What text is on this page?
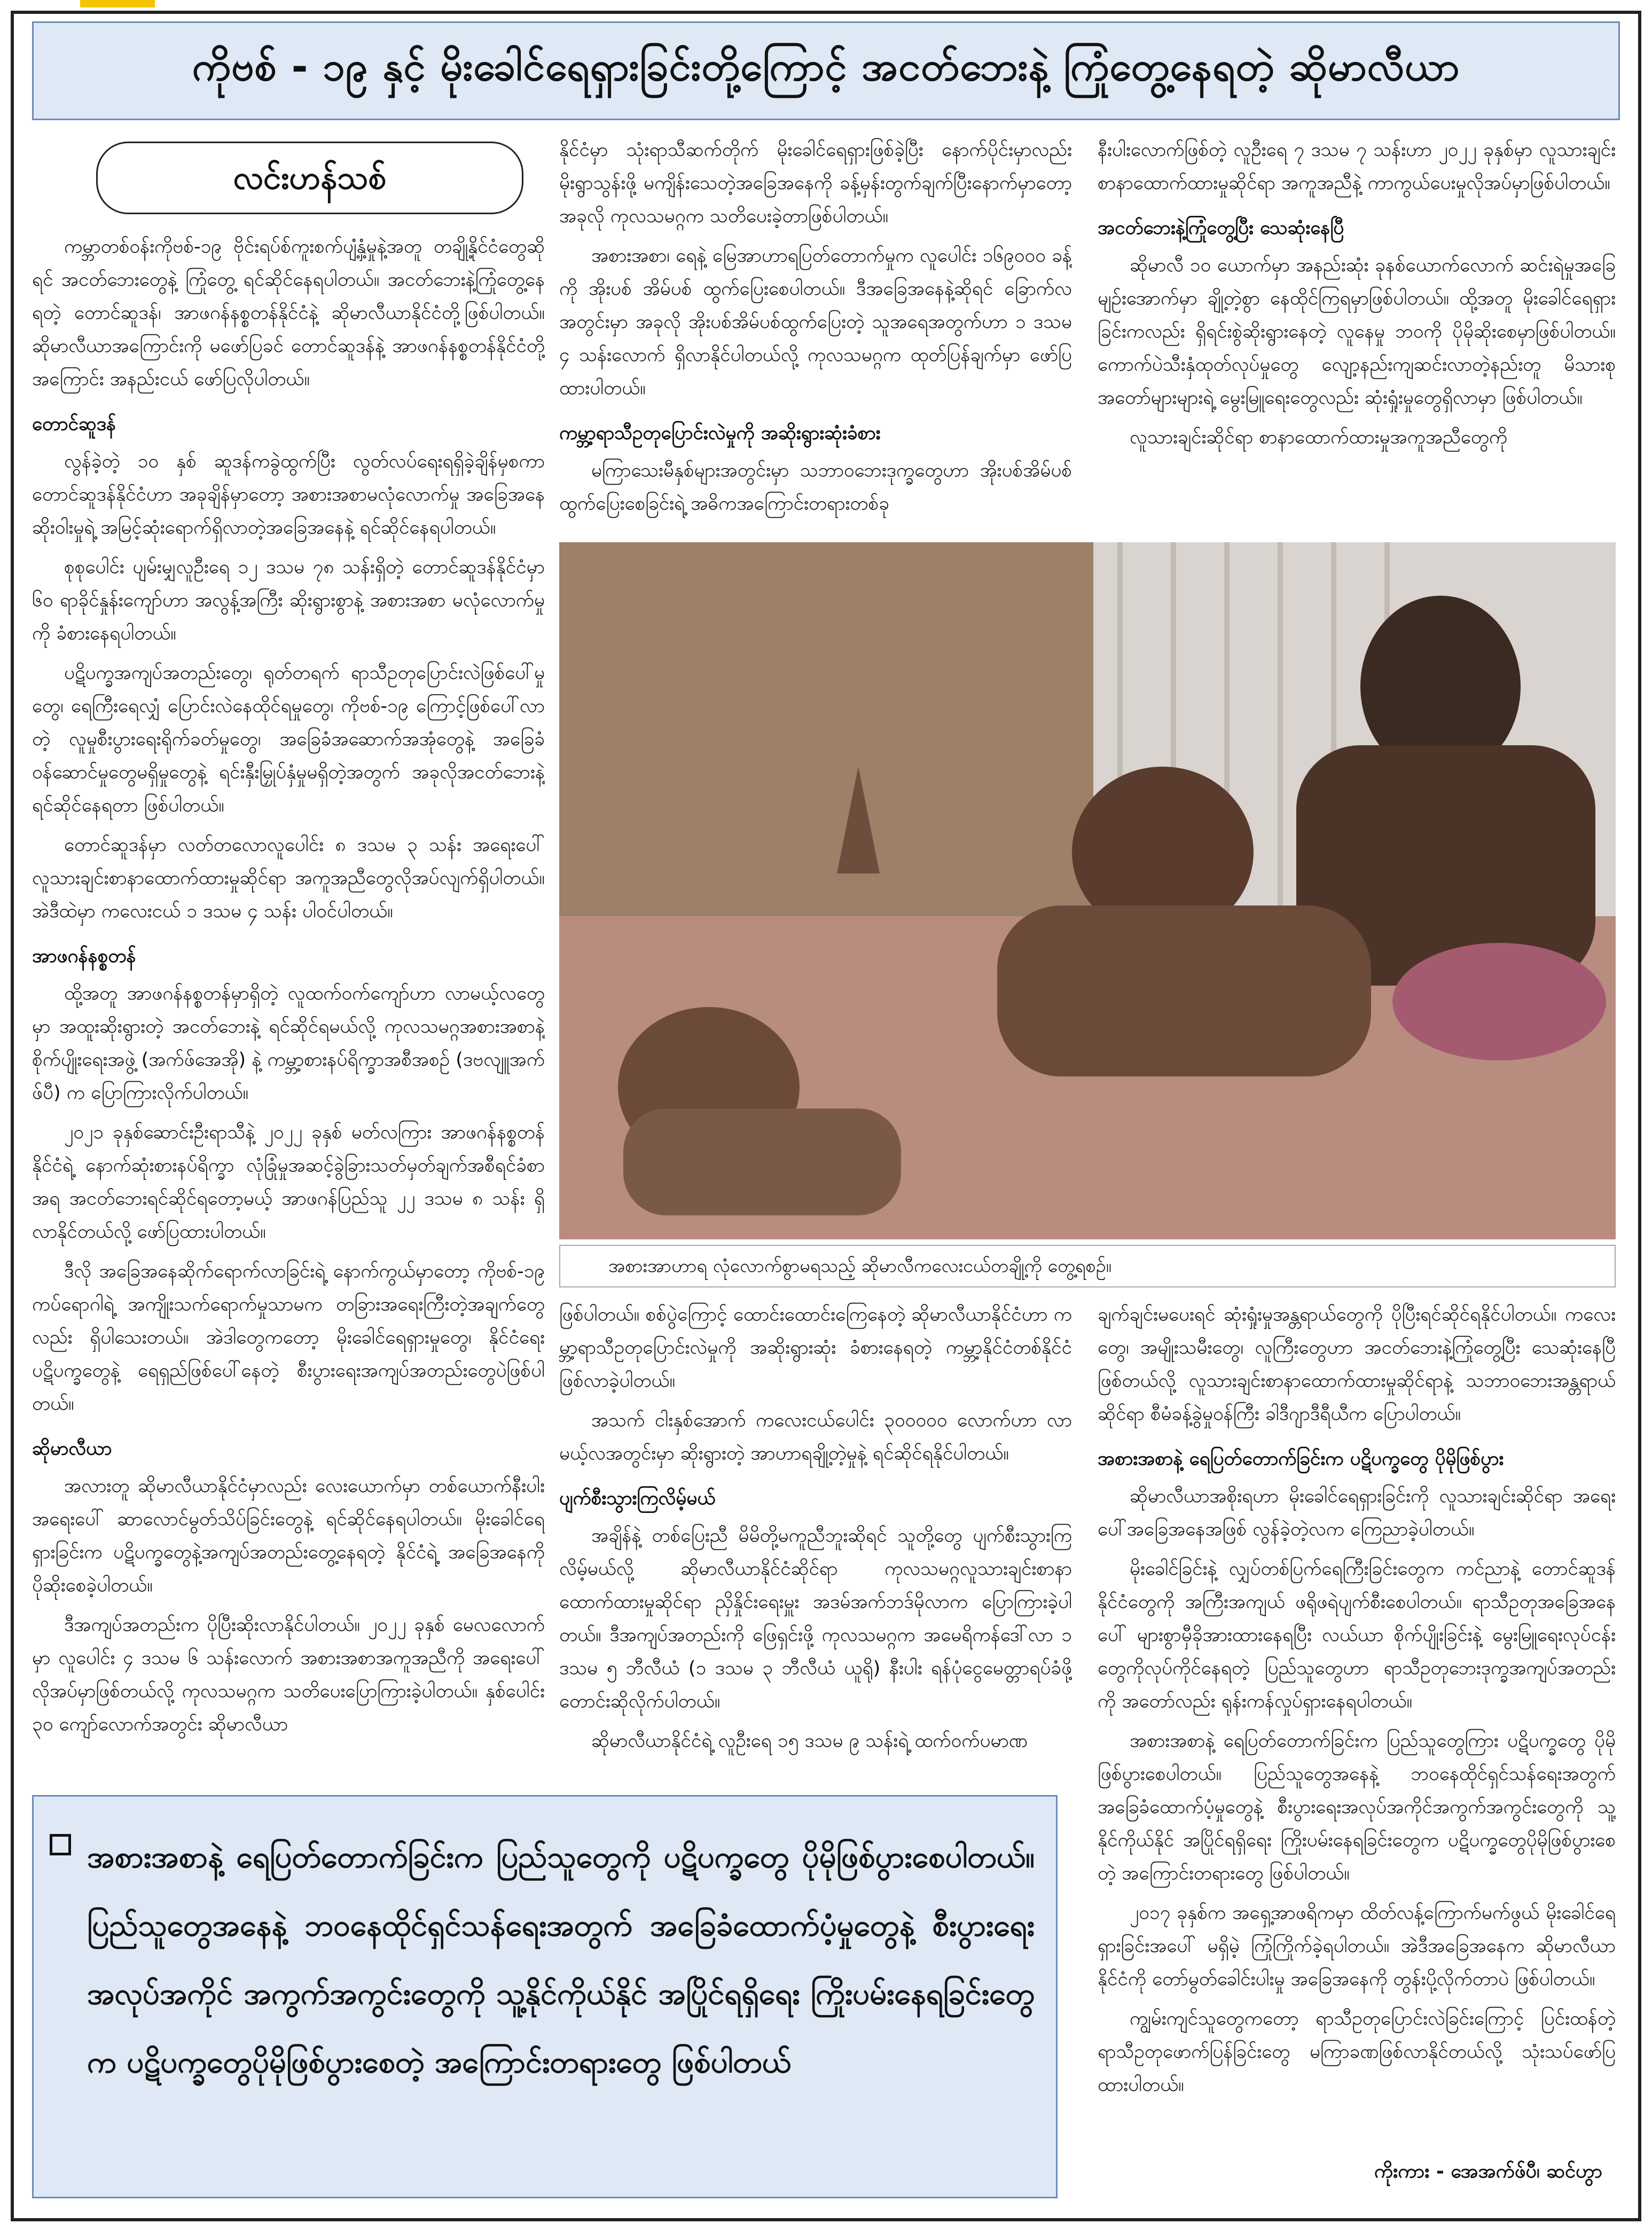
ကိုဗစ် - ၁၉ နှင့် မိုးခေါင်ရေရှားခြင်းတို့ကြောင့် အငတ်ဘေးနဲ့ ကြုံတွေ့နေရတဲ့ ဆိုမာလီယာ
လင်းဟန်သစ်

ကမ္ဘာတစ်ဝန်းကိုဗစ်-၁၉ ဗိုင်းရပ်စ်ကူးစက်ပျံ့နှံ့မှုနဲ့အတူ တချို့နိုင်ငံတွေဆိုရင် အငတ်ဘေးတွေနဲ့ ကြုံတွေ့ ရင်ဆိုင်နေရပါတယ်။ အငတ်ဘေးနဲ့ကြုံတွေ့နေရတဲ့ တောင်ဆူဒန်၊ အာဖဂန်နစ္စတန်နိုင်ငံနဲ့ ဆိုမာလီယာနိုင်ငံတို့ဖြစ်ပါတယ်။ ဆိုမာလီယာအကြောင်းကို မဖော်ပြခင် တောင်ဆူဒန်နဲ့ အာဖဂန်နစ္စတန်နိုင်ငံတို့အကြောင်း အနည်းငယ် ဖော်ပြလိုပါတယ်။

တောင်ဆူဒန်

လွန်ခဲ့တဲ့ ၁၀ နှစ် ဆူဒန်ကခွဲထွက်ပြီး လွတ်လပ်ရေးရရှိခဲ့ချိန်မှစကာ တောင်ဆူဒန်နိုင်ငံဟာ အခုချိန်မှာတော့ အစားအစာမလုံလောက်မှု အခြေအနေဆိုးဝါးမှုရဲ့ အမြင့်ဆုံးရောက်ရှိလာတဲ့အခြေအနေနဲ့ ရင်ဆိုင်နေရပါတယ်။

စုစုပေါင်း ပျမ်းမျှလူဦးရေ ၁၂ ဒသမ ၇၈ သန်းရှိတဲ့ တောင်ဆူဒန်နိုင်ငံမှာ ၆၀ ရာခိုင်နှုန်းကျော်ဟာ အလွန့်အကြီး ဆိုးရွားစွာနဲ့ အစားအစာ မလုံလောက်မှုကို ခံစားနေရပါတယ်။

ပဋိပက္ခအကျပ်အတည်းတွေ၊ ရုတ်တရက် ရာသီဥတုပြောင်းလဲဖြစ်ပေါ်မှုတွေ၊ ရေကြီးရေလျှံ ပြောင်းလဲနေထိုင်ရမှုတွေ၊ ကိုဗစ်-၁၉ ကြောင့်ဖြစ်ပေါ်လာတဲ့ လူမှုစီးပွားရေးရိုက်ခတ်မှုတွေ၊ အခြေခံအဆောက်အအုံတွေနဲ့ အခြေခံဝန်ဆောင်မှုတွေမရှိမှုတွေနဲ့ ရင်းနှီးမြှုပ်နှံမှုမရှိတဲ့အတွက် အခုလိုအငတ်ဘေးနဲ့ ရင်ဆိုင်နေရတာ ဖြစ်ပါတယ်။

တောင်ဆူဒန်မှာ လတ်တလောလူပေါင်း ၈ ဒသမ ၃ သန်း အရေးပေါ်လူသားချင်းစာနာထောက်ထားမှုဆိုင်ရာ အကူအညီတွေလိုအပ်လျက်ရှိပါတယ်။ အဲဒီထဲမှာ ကလေးငယ် ၁ ဒသမ ၄ သန်း ပါဝင်ပါတယ်။

အာဖဂန်နစ္စတန်

ထို့အတူ အာဖဂန်နစ္စတန်မှာရှိတဲ့ လူထက်ဝက်ကျော်ဟာ လာမယ့်လတွေမှာ အထူးဆိုးရွားတဲ့ အငတ်ဘေးနဲ့ ရင်ဆိုင်ရမယ်လို့ ကုလသမဂ္ဂအစားအစာနဲ့ စိုက်ပျိုးရေးအဖွဲ့ (အက်ဖ်အေအို) နဲ့ ကမ္ဘာ့စားနပ်ရိက္ခာအစီအစဉ် (ဒဗလျူအက်ဖ်ပီ) က ပြောကြားလိုက်ပါတယ်။

၂၀၂၁ ခုနှစ်ဆောင်းဦးရာသီနဲ့ ၂၀၂၂ ခုနှစ် မတ်လကြား အာဖဂန်နစ္စတန်နိုင်ငံရဲ့ နောက်ဆုံးစားနပ်ရိက္ခာ လုံခြုံမှုအဆင့်ခွဲခြားသတ်မှတ်ချက်အစီရင်ခံစာအရ အငတ်ဘေးရင်ဆိုင်ရတော့မယ့် အာဖဂန်ပြည်သူ ၂၂ ဒသမ ၈ သန်း ရှိလာနိုင်တယ်လို့ ဖော်ပြထားပါတယ်။

ဒီလို အခြေအနေဆိုက်ရောက်လာခြင်းရဲ့ နောက်ကွယ်မှာတော့ ကိုဗစ်-၁၉ ကပ်ရောဂါရဲ့ အကျိုးသက်ရောက်မှုသာမက တခြားအရေးကြီးတဲ့အချက်တွေလည်း ရှိပါသေးတယ်။ အဲဒါတွေကတော့ မိုးခေါင်ရေရှားမှုတွေ၊ နိုင်ငံရေးပဋိပက္ခတွေနဲ့ ရေရှည်ဖြစ်ပေါ်နေတဲ့ စီးပွားရေးအကျပ်အတည်းတွေပဲဖြစ်ပါတယ်။

ဆိုမာလီယာ

အလားတူ ဆိုမာလီယာနိုင်ငံမှာလည်း လေးယောက်မှာ တစ်ယောက်နီးပါး အရေးပေါ် ဆာလောင်မွတ်သိပ်ခြင်းတွေနဲ့ ရင်ဆိုင်နေရပါတယ်။ မိုးခေါင်ရေရှားခြင်းက ပဋိပက္ခတွေနဲ့အကျပ်အတည်းတွေ့နေရတဲ့ နိုင်ငံရဲ့ အခြေအနေကို ပိုဆိုးစေခဲ့ပါတယ်။

ဒီအကျပ်အတည်းက ပိုပြီးဆိုးလာနိုင်ပါတယ်။ ၂၀၂၂ ခုနှစ် မေလလောက်မှာ လူပေါင်း ၄ ဒသမ ၆ သန်းလောက် အစားအစာအကူအညီကို အရေးပေါ်လိုအပ်မှာဖြစ်တယ်လို့ ကုလသမဂ္ဂက သတိပေးပြောကြားခဲ့ပါတယ်။ နှစ်ပေါင်း ၃၀ ကျော်လောက်အတွင်း ဆိုမာလီယာ

နိုင်ငံမှာ သုံးရာသီဆက်တိုက် မိုးခေါင်ရေရှားဖြစ်ခဲ့ပြီး နောက်ပိုင်းမှာလည်း မိုးရွာသွန်းဖို့ မကျိန်းသေတဲ့အခြေအနေကို ခန့်မှန်းတွက်ချက်ပြီးနောက်မှာတော့ အခုလို ကုလသမဂ္ဂက သတိပေးခဲ့တာဖြစ်ပါတယ်။

အစားအစာ၊ ရေနဲ့ မြေအာဟာရပြတ်တောက်မှုက လူပေါင်း ၁၆၉၀၀၀ ခန့်ကို အိုးပစ် အိမ်ပစ် ထွက်ပြေးစေပါတယ်။ ဒီအခြေအနေနဲ့ဆိုရင် ခြောက်လအတွင်းမှာ အခုလို အိုးပစ်အိမ်ပစ်ထွက်ပြေးတဲ့ သူအရေအတွက်ဟာ ၁ ဒသမ ၄ သန်းလောက် ရှိလာနိုင်ပါတယ်လို့ ကုလသမဂ္ဂက ထုတ်ပြန်ချက်မှာ ဖော်ပြထားပါတယ်။

ကမ္ဘာ့ရာသီဥတုပြောင်းလဲမှုကို အဆိုးရွားဆုံးခံစား

မကြာသေးမီနှစ်များအတွင်းမှာ သဘာဝဘေးဒုက္ခတွေဟာ အိုးပစ်အိမ်ပစ်ထွက်ပြေးစေခြင်းရဲ့ အဓိကအကြောင်းတရားတစ်ခု

နီးပါးလောက်ဖြစ်တဲ့ လူဦးရေ ၇ ဒသမ ၇ သန်းဟာ ၂၀၂၂ ခုနှစ်မှာ လူသားချင်းစာနာထောက်ထားမှုဆိုင်ရာ အကူအညီနဲ့ ကာကွယ်ပေးမှုလိုအပ်မှာဖြစ်ပါတယ်။

အငတ်ဘေးနဲ့ကြုံတွေ့ပြီး သေဆုံးနေပြီ

ဆိုမာလီ ၁၀ ယောက်မှာ အနည်းဆုံး ခုနစ်ယောက်လောက် ဆင်းရဲမှုအခြေမျဉ်းအောက်မှာ ချို့တဲ့စွာ နေထိုင်ကြရမှာဖြစ်ပါတယ်။ ထို့အတူ မိုးခေါင်ရေရှားခြင်းကလည်း ရှိရင်းစွဲဆိုးရွားနေတဲ့ လူနေမှု ဘဝကို ပိုမိုဆိုးစေမှာဖြစ်ပါတယ်။ ကောက်ပဲသီးနှံထုတ်လုပ်မှုတွေ လျော့နည်းကျဆင်းလာတဲ့နည်းတူ မိသားစုအတော်များများရဲ့ မွေးမြူရေးတွေလည်း ဆုံးရှုံးမှုတွေရှိလာမှာ ဖြစ်ပါတယ်။

လူသားချင်းဆိုင်ရာ စာနာထောက်ထားမှုအကူအညီတွေကို

အစားအာဟာရ လုံလောက်စွာမရသည့် ဆိုမာလီကလေးငယ်တချို့ကို တွေ့ရစဉ်။

ဖြစ်ပါတယ်။ စစ်ပွဲကြောင့် ထောင်းထောင်းကြေနေတဲ့ ဆိုမာလီယာနိုင်ငံဟာ ကမ္ဘာ့ရာသီဥတုပြောင်းလဲမှုကို အဆိုးရွားဆုံး ခံစားနေရတဲ့ ကမ္ဘာ့နိုင်ငံတစ်နိုင်ငံ ဖြစ်လာခဲ့ပါတယ်။

အသက် ငါးနှစ်အောက် ကလေးငယ်ပေါင်း ၃၀၀၀၀၀ လောက်ဟာ လာမယ့်လအတွင်းမှာ ဆိုးရွားတဲ့ အာဟာရချို့တဲ့မှုနဲ့ ရင်ဆိုင်ရနိုင်ပါတယ်။

ပျက်စီးသွားကြလိမ့်မယ်

အချိန်နဲ့ တစ်ပြေးညီ မိမိတို့မကူညီဘူးဆိုရင် သူတို့တွေ ပျက်စီးသွားကြလိမ့်မယ်လို့ ဆိုမာလီယာနိုင်ငံဆိုင်ရာ ကုလသမဂ္ဂလူသားချင်းစာနာထောက်ထားမှုဆိုင်ရာ ညှိနှိုင်းရေးမှူး အဒမ်အက်ဘဒ်မိုလာက ပြောကြားခဲ့ပါတယ်။ ဒီအကျပ်အတည်းကို ဖြေရှင်းဖို့ ကုလသမဂ္ဂက အမေရိကန်ဒေါ်လာ ၁ ဒသမ ၅ ဘီလီယံ (၁ ဒသမ ၃ ဘီလီယံ ယူရို) နီးပါး ရန်ပုံငွေမေတ္တာရပ်ခံဖို့ တောင်းဆိုလိုက်ပါတယ်။

ဆိုမာလီယာနိုင်ငံရဲ့ လူဦးရေ ၁၅ ဒသမ ၉ သန်းရဲ့ ထက်ဝက်ပမာဏ

ချက်ချင်းမပေးရင် ဆုံးရှုံးမှုအန္တရာယ်တွေကို ပိုပြီးရင်ဆိုင်ရနိုင်ပါတယ်။ ကလေးတွေ၊ အမျိုးသမီးတွေ၊ လူကြီးတွေဟာ အငတ်ဘေးနဲ့ကြုံတွေ့ပြီး သေဆုံးနေပြီဖြစ်တယ်လို့ လူသားချင်းစာနာထောက်ထားမှုဆိုင်ရာနဲ့ သဘာဝဘေးအန္တရာယ်ဆိုင်ရာ စီမံခန့်ခွဲမှုဝန်ကြီး ခါဒီဂျာဒီရီယီက ပြောပါတယ်။

အစားအစာနဲ့ ရေပြတ်တောက်ခြင်းက ပဋိပက္ခတွေ ပိုမိုဖြစ်ပွား

ဆိုမာလီယာအစိုးရဟာ မိုးခေါင်ရေရှားခြင်းကို လူသားချင်းဆိုင်ရာ အရေးပေါ်အခြေအနေအဖြစ် လွန်ခဲ့တဲ့လက ကြေညာခဲ့ပါတယ်။

မိုးခေါင်ခြင်းနဲ့ လျှပ်တစ်ပြက်ရေကြီးခြင်းတွေက ကင်ညာနဲ့ တောင်ဆူဒန်နိုင်ငံတွေကို အကြီးအကျယ် ဖရိုဖရဲပျက်စီးစေပါတယ်။ ရာသီဥတုအခြေအနေပေါ် များစွာမှီခိုအားထားနေရပြီး လယ်ယာ စိုက်ပျိုးခြင်းနဲ့ မွေးမြူရေးလုပ်ငန်းတွေကိုလုပ်ကိုင်နေရတဲ့ ပြည်သူတွေဟာ ရာသီဥတုဘေးဒုက္ခအကျပ်အတည်းကို အတော်လည်း ရုန်းကန်လှုပ်ရှားနေရပါတယ်။

အစားအစာနဲ့ ရေပြတ်တောက်ခြင်းက ပြည်သူတွေကြား ပဋိပက္ခတွေ ပိုမိုဖြစ်ပွားစေပါတယ်။ ပြည်သူတွေအနေနဲ့ ဘဝနေထိုင်ရှင်သန်ရေးအတွက် အခြေခံထောက်ပံ့မှုတွေနဲ့ စီးပွားရေးအလုပ်အကိုင်အကွက်အကွင်းတွေကို သူ့နိုင်ကိုယ်နိုင် အပြိုင်ရရှိရေး ကြိုးပမ်းနေရခြင်းတွေက ပဋိပက္ခတွေပိုမိုဖြစ်ပွားစေတဲ့ အကြောင်းတရားတွေ ဖြစ်ပါတယ်။

၂၀၁၇ ခုနှစ်က အရှေ့အာဖရိကမှာ ထိတ်လန့်ကြောက်မက်ဖွယ် မိုးခေါင်ရေရှားခြင်းအပေါ် မရှိမဲ့ ကြုံကြိုက်ခဲ့ရပါတယ်။ အဲဒီအခြေအနေက ဆိုမာလီယာနိုင်ငံကို တော်မွတ်ခေါင်းပါးမှု အခြေအနေကို တွန်းပို့လိုက်တာပဲ ဖြစ်ပါတယ်။

ကျွမ်းကျင်သူတွေကတော့ ရာသီဥတုပြောင်းလဲခြင်းကြောင့် ပြင်းထန်တဲ့ ရာသီဥတုဖောက်ပြန်ခြင်းတွေ မကြာခဏဖြစ်လာနိုင်တယ်လို့ သုံးသပ်ဖော်ပြထားပါတယ်။

အစားအစာနဲ့ ရေပြတ်တောက်ခြင်းက ပြည်သူတွေကို ပဋိပက္ခတွေ ပိုမိုဖြစ်ပွားစေပါတယ်။ ပြည်သူတွေအနေနဲ့ ဘဝနေထိုင်ရှင်သန်ရေးအတွက် အခြေခံထောက်ပံ့မှုတွေနဲ့ စီးပွားရေးအလုပ်အကိုင် အကွက်အကွင်းတွေကို သူ့နိုင်ကိုယ်နိုင် အပြိုင်ရရှိရေး ကြိုးပမ်းနေရခြင်းတွေက ပဋိပက္ခတွေပိုမိုဖြစ်ပွားစေတဲ့ အကြောင်းတရားတွေ ဖြစ်ပါတယ်

ကိုးကား - အေအက်ဖ်ပီ၊ ဆင်ဟွာ
